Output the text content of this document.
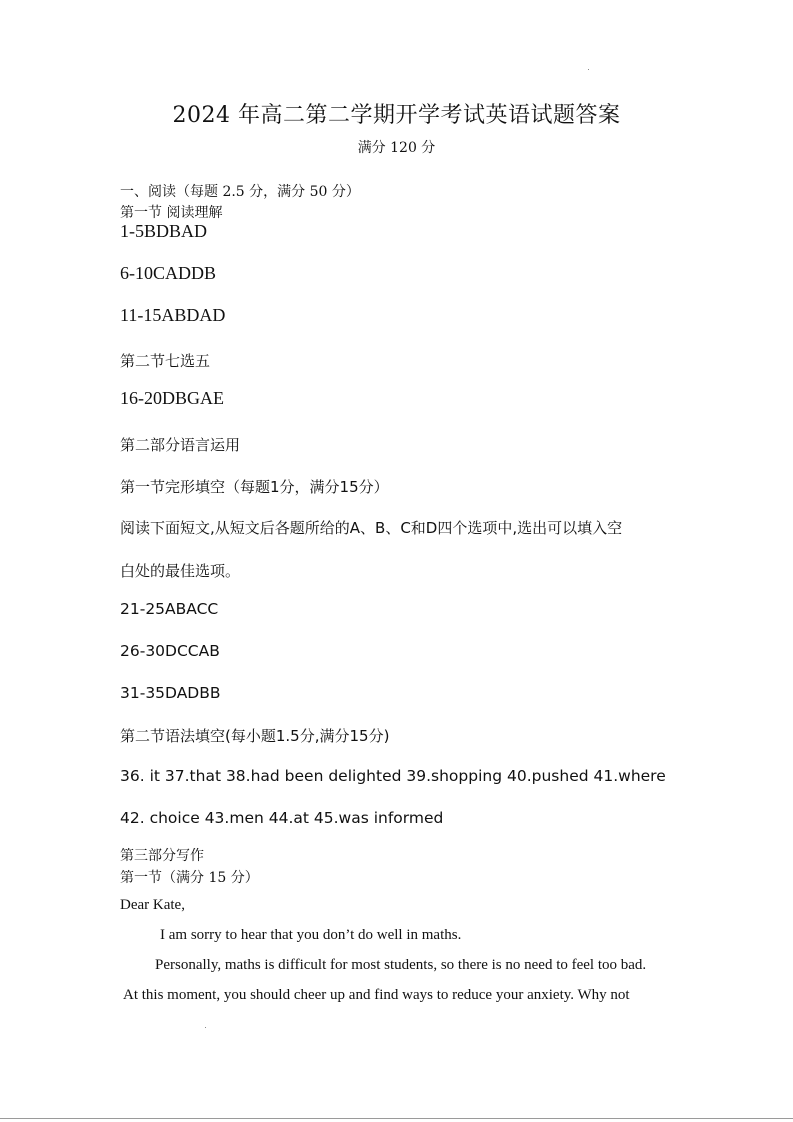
2024 年高二第二学期开学考试英语试题答案
满分 120 分
一、阅读（每题 2.5 分，满分 50 分）
第一节 阅读理解
1-5BDBAD
6-10CADDB
11-15ABDAD
第二节七选五
16-20DBGAE
第二部分语言运用
第一节完形填空（每题1分，满分15分）
阅读下面短文,从短文后各题所给的A、B、C和D四个选项中,选出可以填入空
白处的最佳选项。
21-25ABACC
26-30DCCAB
31-35DADBB
第二节语法填空(每小题1.5分,满分15分)
36. it 37.that 38.had been delighted 39.shopping 40.pushed 41.where
42. choice 43.men 44.at 45.was informed
第三部分写作
第一节（满分 15 分）
Dear Kate,
I am sorry to hear that you don’t do well in maths.
Personally, maths is difficult for most students, so there is no need to feel too bad.
At this moment, you should cheer up and find ways to reduce your anxiety. Why not
